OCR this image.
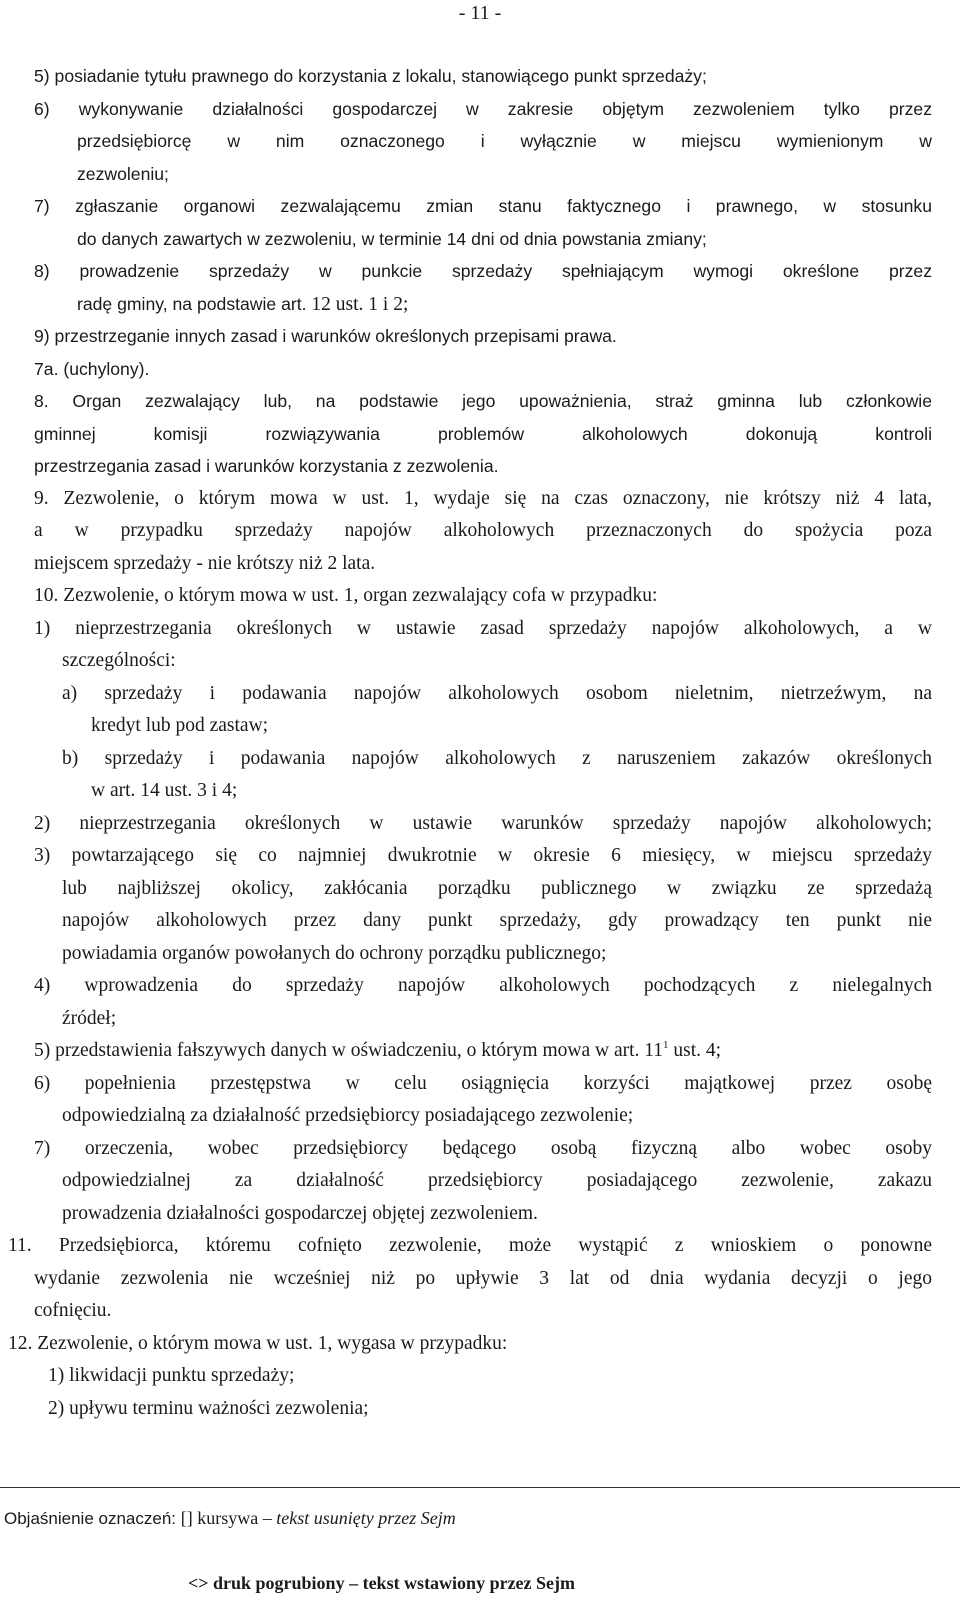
- 11 -
5) posiadanie tytułu prawnego do korzystania z lokalu, stanowiącego punkt sprzedaży;
6) wykonywanie działalności gospodarczej w zakresie objętym zezwoleniem tylko przez
przedsiębiorcę w nim oznaczonego i wyłącznie w miejscu wymienionym w
zezwoleniu;
7) zgłaszanie organowi zezwalającemu zmian stanu faktycznego i prawnego, w stosunku
do danych zawartych w zezwoleniu, w terminie 14 dni od dnia powstania zmiany;
8) prowadzenie sprzedaży w punkcie sprzedaży spełniającym wymogi określone przez
radę gminy, na podstawie art. 12 ust. 1 i 2;
9) przestrzeganie innych zasad i warunków określonych przepisami prawa.
7a. (uchylony).
8. Organ zezwalający lub, na podstawie jego upoważnienia, straż gminna lub członkowie
gminnej komisji rozwiązywania problemów alkoholowych dokonują kontroli
przestrzegania zasad i warunków korzystania z zezwolenia.
9. Zezwolenie, o którym mowa w ust. 1, wydaje się na czas oznaczony, nie krótszy niż 4 lata,
a w przypadku sprzedaży napojów alkoholowych przeznaczonych do spożycia poza
miejscem sprzedaży - nie krótszy niż 2 lata.
10. Zezwolenie, o którym mowa w ust. 1, organ zezwalający cofa w przypadku:
1) nieprzestrzegania określonych w ustawie zasad sprzedaży napojów alkoholowych, a w
szczególności:
a) sprzedaży i podawania napojów alkoholowych osobom nieletnim, nietrzeźwym, na
kredyt lub pod zastaw;
b) sprzedaży i podawania napojów alkoholowych z naruszeniem zakazów określonych
w art. 14 ust. 3 i 4;
2) nieprzestrzegania określonych w ustawie warunków sprzedaży napojów alkoholowych;
3) powtarzającego się co najmniej dwukrotnie w okresie 6 miesięcy, w miejscu sprzedaży
lub najbliższej okolicy, zakłócania porządku publicznego w związku ze sprzedażą
napojów alkoholowych przez dany punkt sprzedaży, gdy prowadzący ten punkt nie
powiadamia organów powołanych do ochrony porządku publicznego;
4) wprowadzenia do sprzedaży napojów alkoholowych pochodzących z nielegalnych
źródeł;
5) przedstawienia fałszywych danych w oświadczeniu, o którym mowa w art. $11^1$ ust. 4;
6) popełnienia przestępstwa w celu osiągnięcia korzyści majątkowej przez osobę
odpowiedzialną za działalność przedsiębiorcy posiadającego zezwolenie;
7) orzeczenia, wobec przedsiębiorcy będącego osobą fizyczną albo wobec osoby
odpowiedzialnej za działalność przedsiębiorcy posiadającego zezwolenie, zakazu
prowadzenia działalności gospodarczej objętej zezwoleniem.
11. Przedsiębiorca, któremu cofnięto zezwolenie, może wystąpić z wnioskiem o ponowne
wydanie zezwolenia nie wcześniej niż po upływie 3 lat od dnia wydania decyzji o jego
cofnięciu.
12. Zezwolenie, o którym mowa w ust. 1, wygasa w przypadku:
1) likwidacji punktu sprzedaży;
2) upływu terminu ważności zezwolenia;
Objaśnienie oznaczeń: [] kursywa – tekst usunięty przez Sejm
<> druk pogrubiony – tekst wstawiony przez Sejm
